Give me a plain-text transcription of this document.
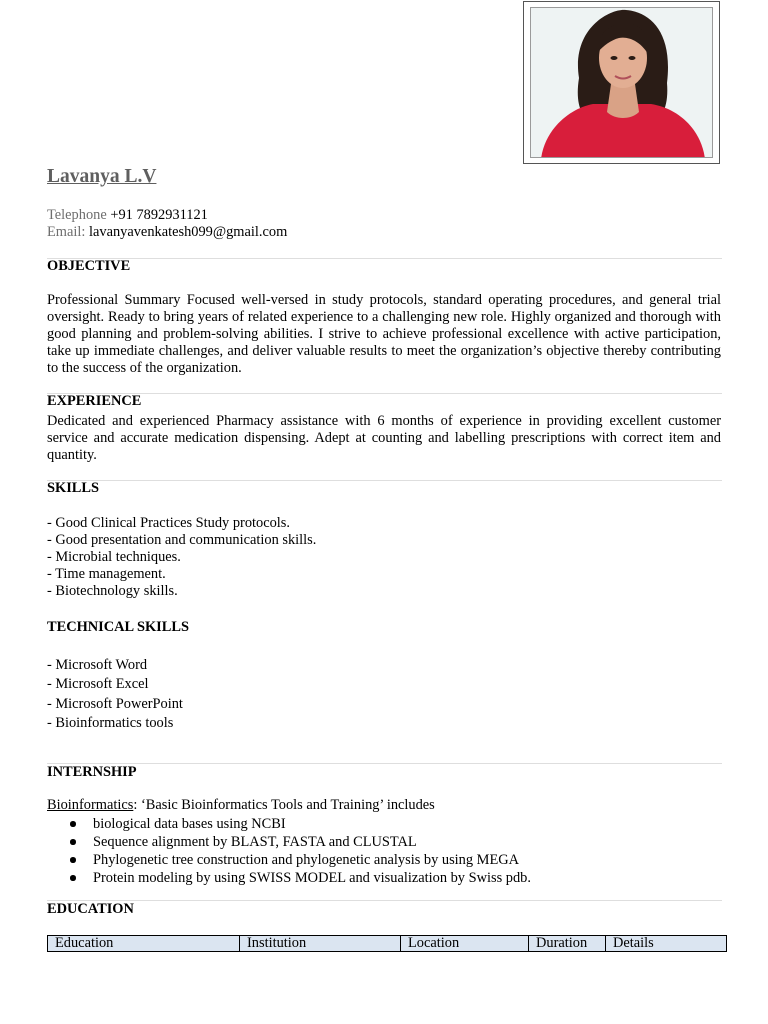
Lavanya L.V
Telephone +91 7892931121
Email: lavanyavenkatesh099@gmail.com
OBJECTIVE
Professional Summary Focused well-versed in study protocols, standard operating procedures, and general trial oversight. Ready to bring years of related experience to a challenging new role. Highly organized and thorough with good planning and problem-solving abilities. I strive to achieve professional excellence with active participation, take up immediate challenges, and deliver valuable results to meet the organization’s objective thereby contributing to the success of the organization.
EXPERIENCE
Dedicated and experienced Pharmacy assistance with 6 months of experience in providing excellent customer service and accurate medication dispensing. Adept at counting and labelling prescriptions with correct item and quantity.
SKILLS
- Good Clinical Practices Study protocols.
- Good presentation and communication skills.
- Microbial techniques.
- Time management.
- Biotechnology skills.
TECHNICAL SKILLS
- Microsoft Word
- Microsoft Excel
- Microsoft PowerPoint
- Bioinformatics tools
INTERNSHIP
Bioinformatics: ‘Basic Bioinformatics Tools and Training’ includes
biological data bases using NCBI
Sequence alignment by BLAST, FASTA and CLUSTAL
Phylogenetic tree construction and phylogenetic analysis by using MEGA
Protein modeling by using SWISS MODEL and visualization by Swiss pdb.
EDUCATION
Education	Institution	Location	Duration	Details
